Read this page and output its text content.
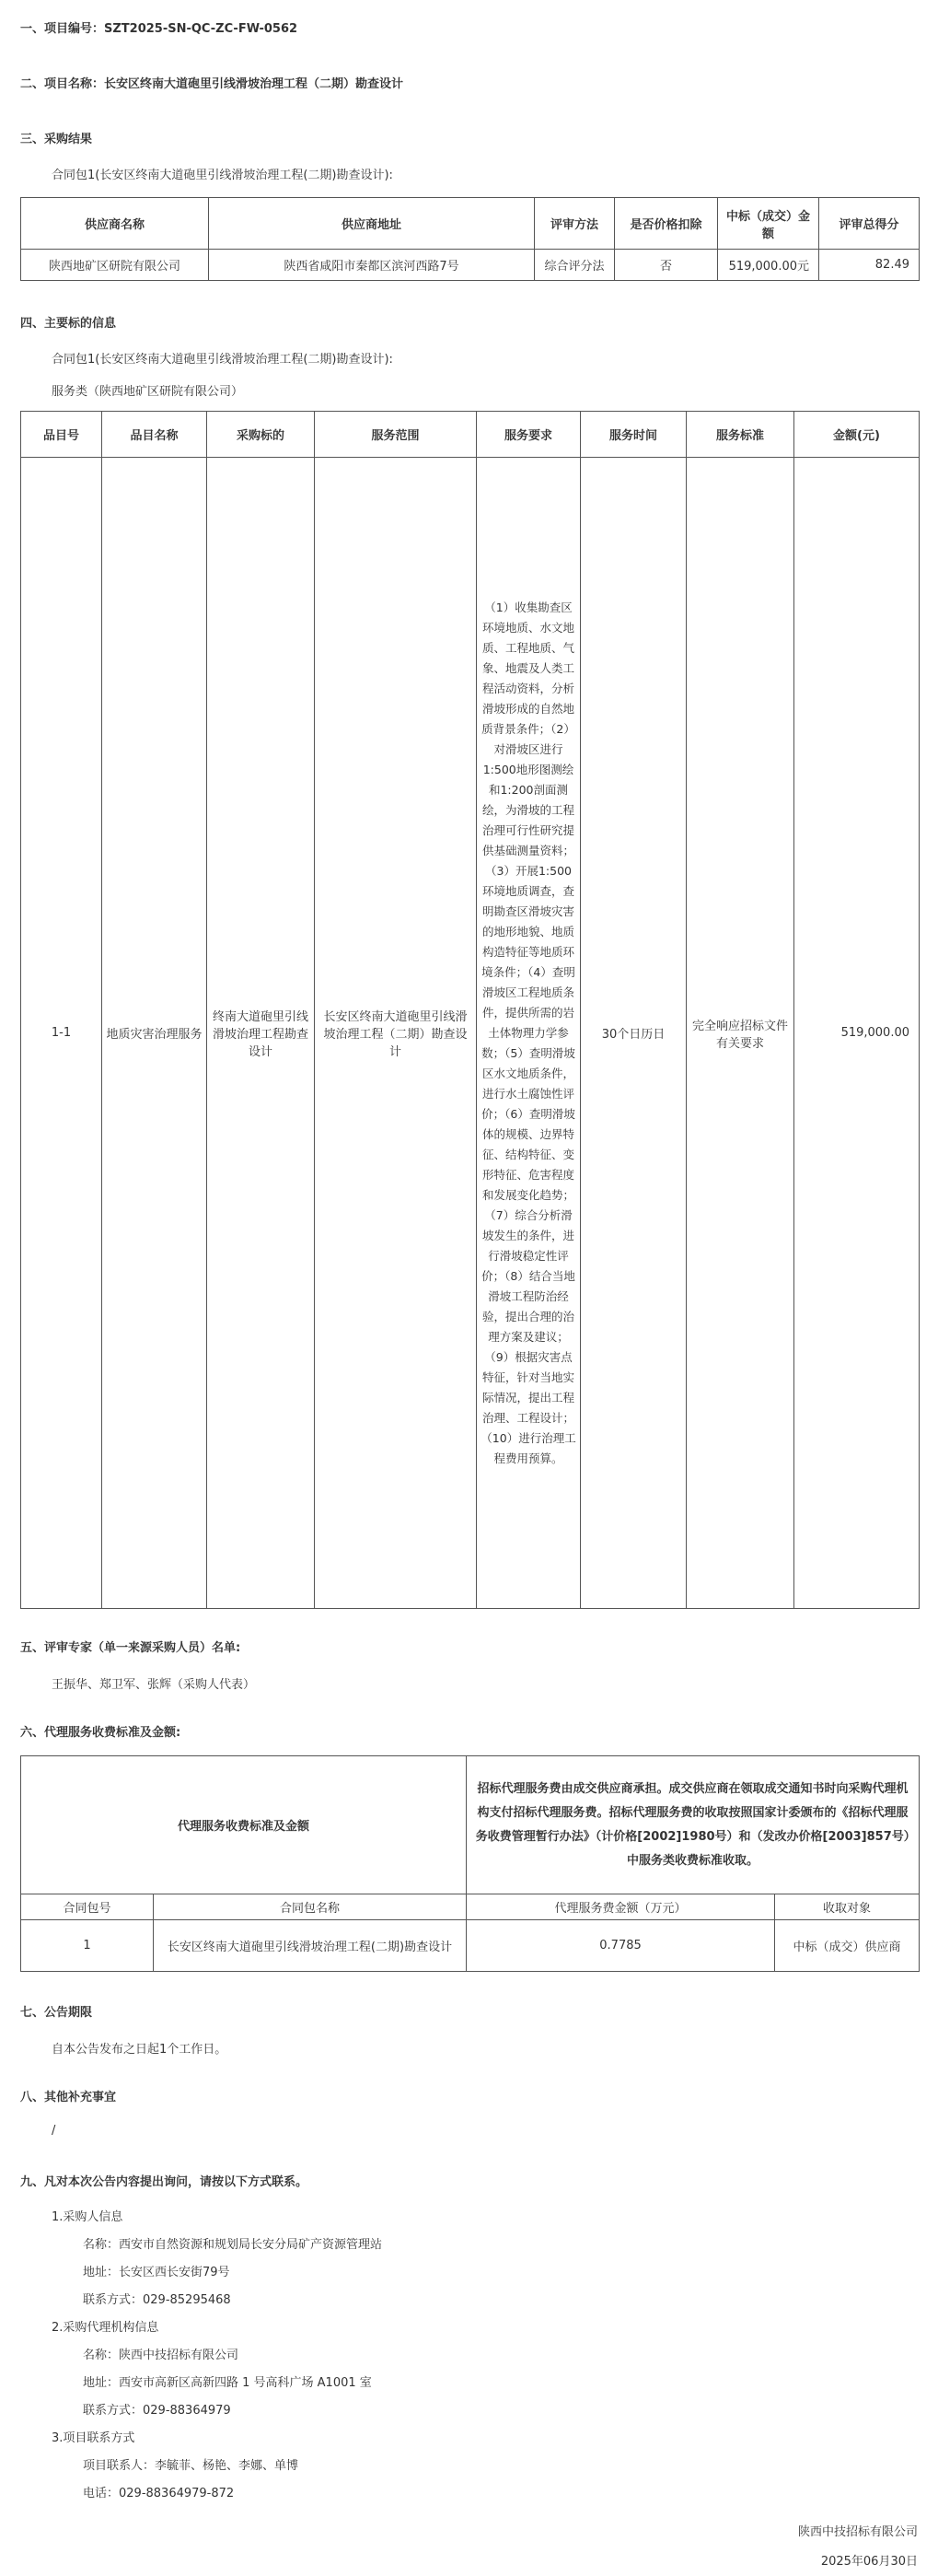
一、项目编号：SZT2025-SN-QC-ZC-FW-0562
二、项目名称：长安区终南大道砲里引线滑坡治理工程（二期）勘查设计
三、采购结果
合同包1(长安区终南大道砲里引线滑坡治理工程(二期)勘查设计):
供应商名称	供应商地址	评审方法	是否价格扣除	中标（成交）金额	评审总得分
陕西地矿区研院有限公司	陕西省咸阳市秦都区滨河西路7号	综合评分法	否	519,000.00元	82.49
四、主要标的信息
合同包1(长安区终南大道砲里引线滑坡治理工程(二期)勘查设计):
服务类（陕西地矿区研院有限公司）
品目号	品目名称	采购标的	服务范围	服务要求	服务时间	服务标准	金额(元)
1-1	地质灾害治理服务	终南大道砲里引线滑坡治理工程勘查设计	长安区终南大道砲里引线滑坡治理工程（二期）勘查设计	（1）收集勘查区环境地质、水文地质、工程地质、气象、地震及人类工程活动资料，分析滑坡形成的自然地质背景条件；（2）对滑坡区进行1:500地形图测绘和1:200剖面测绘，为滑坡的工程治理可行性研究提供基础测量资料；（3）开展1:500环境地质调查，查明勘查区滑坡灾害的地形地貌、地质构造特征等地质环境条件；（4）查明滑坡区工程地质条件，提供所需的岩土体物理力学参数；（5）查明滑坡区水文地质条件，进行水土腐蚀性评价；（6）查明滑坡体的规模、边界特征、结构特征、变形特征、危害程度和发展变化趋势；（7）综合分析滑坡发生的条件，进行滑坡稳定性评价；（8）结合当地滑坡工程防治经验，提出合理的治理方案及建议；（9）根据灾害点特征，针对当地实际情况，提出工程治理、工程设计；（10）进行治理工程费用预算。	30个日历日	完全响应招标文件有关要求	519,000.00
五、评审专家（单一来源采购人员）名单:
王振华、郑卫军、张辉（采购人代表）
六、代理服务收费标准及金额:
代理服务收费标准及金额		招标代理服务费由成交供应商承担。成交供应商在领取成交通知书时向采购代理机构支付招标代理服务费。招标代理服务费的收取按照国家计委颁布的《招标代理服务收费管理暂行办法》（计价格[2002]1980号）和（发改办价格[2003]857号）中服务类收费标准收取。	
合同包号	合同包名称	代理服务费金额（万元）	收取对象
1	长安区终南大道砲里引线滑坡治理工程(二期)勘查设计	0.7785	中标（成交）供应商
七、公告期限
自本公告发布之日起1个工作日。
八、其他补充事宜
/
九、凡对本次公告内容提出询问，请按以下方式联系。
1.采购人信息
名称：西安市自然资源和规划局长安分局矿产资源管理站
地址：长安区西长安街79号
联系方式：029-85295468
2.采购代理机构信息
名称：陕西中技招标有限公司
地址：西安市高新区高新四路 1 号高科广场 A1001 室
联系方式：029-88364979
3.项目联系方式
项目联系人：李毓菲、杨艳、李娜、单博
电话：029-88364979-872
陕西中技招标有限公司
2025年06月30日
